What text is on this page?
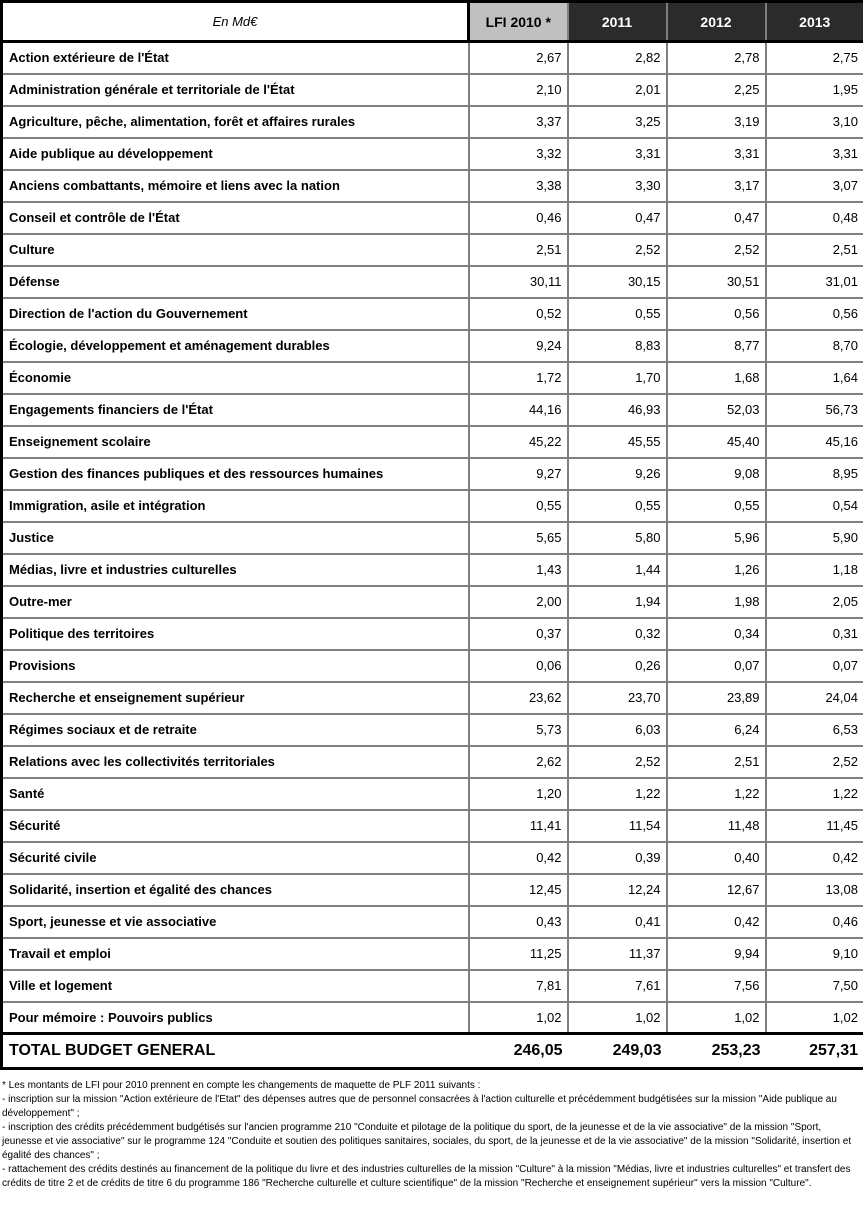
En Md€	LFI 2010 *	2011	2012	2013
Action extérieure de l'État	2,67	2,82	2,78	2,75
Administration générale et territoriale de l'État	2,10	2,01	2,25	1,95
Agriculture, pêche, alimentation, forêt et affaires rurales	3,37	3,25	3,19	3,10
Aide publique au développement	3,32	3,31	3,31	3,31
Anciens combattants, mémoire et liens avec la nation	3,38	3,30	3,17	3,07
Conseil et contrôle de l'État	0,46	0,47	0,47	0,48
Culture	2,51	2,52	2,52	2,51
Défense	30,11	30,15	30,51	31,01
Direction de l'action du Gouvernement	0,52	0,55	0,56	0,56
Écologie, développement et aménagement durables	9,24	8,83	8,77	8,70
Économie	1,72	1,70	1,68	1,64
Engagements financiers de l'État	44,16	46,93	52,03	56,73
Enseignement scolaire	45,22	45,55	45,40	45,16
Gestion des finances publiques et des ressources humaines	9,27	9,26	9,08	8,95
Immigration, asile et intégration	0,55	0,55	0,55	0,54
Justice	5,65	5,80	5,96	5,90
Médias, livre et industries culturelles	1,43	1,44	1,26	1,18
Outre-mer	2,00	1,94	1,98	2,05
Politique des territoires	0,37	0,32	0,34	0,31
Provisions	0,06	0,26	0,07	0,07
Recherche et enseignement supérieur	23,62	23,70	23,89	24,04
Régimes sociaux et de retraite	5,73	6,03	6,24	6,53
Relations avec les collectivités territoriales	2,62	2,52	2,51	2,52
Santé	1,20	1,22	1,22	1,22
Sécurité	11,41	11,54	11,48	11,45
Sécurité civile	0,42	0,39	0,40	0,42
Solidarité, insertion et égalité des chances	12,45	12,24	12,67	13,08
Sport, jeunesse et vie associative	0,43	0,41	0,42	0,46
Travail et emploi	11,25	11,37	9,94	9,10
Ville et logement	7,81	7,61	7,56	7,50
Pour mémoire : Pouvoirs publics	1,02	1,02	1,02	1,02
TOTAL BUDGET GENERAL	246,05	249,03	253,23	257,31

* Les montants de LFI pour 2010 prennent en compte les changements de maquette de PLF 2011 suivants :

- inscription sur la mission "Action extérieure de l'Etat" des dépenses autres que de personnel consacrées à l'action culturelle et précédemment budgétisées sur la mission "Aide publique au développement" ;

- inscription des crédits précédemment budgétisés sur l'ancien programme 210 "Conduite et pilotage de la politique du sport, de la jeunesse et de la vie associative" de la mission "Sport, jeunesse et vie associative" sur le programme 124 "Conduite et soutien des politiques sanitaires, sociales, du sport, de la jeunesse et de la vie associative" de la mission "Solidarité, insertion et égalité des chances" ;

- rattachement des crédits destinés au financement de la politique du livre et des industries culturelles de la mission "Culture" à la mission "Médias, livre et industries culturelles" et transfert des crédits de titre 2 et de crédits de titre 6 du programme 186 "Recherche culturelle et culture scientifique" de la mission "Recherche et enseignement supérieur" vers la mission "Culture".
